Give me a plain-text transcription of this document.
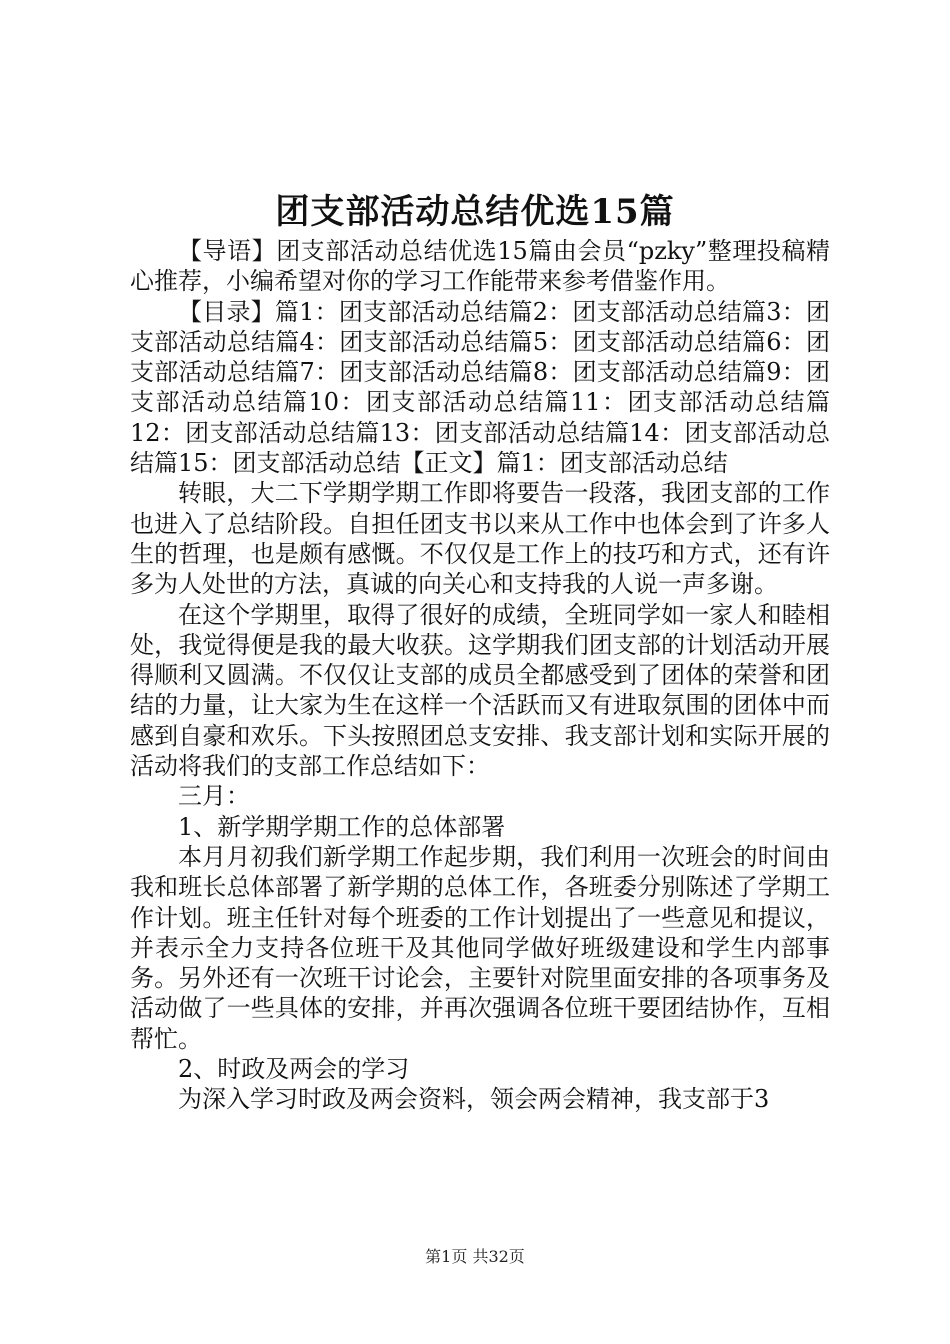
团支部活动总结优选15篇

【导语】团支部活动总结优选15篇由会员“pzky”整理投稿精心推荐，小编希望对你的学习工作能带来参考借鉴作用。

【目录】篇1：团支部活动总结篇2：团支部活动总结篇3：团支部活动总结篇4：团支部活动总结篇5：团支部活动总结篇6：团支部活动总结篇7：团支部活动总结篇8：团支部活动总结篇9：团支部活动总结篇10：团支部活动总结篇11：团支部活动总结篇12：团支部活动总结篇13：团支部活动总结篇14：团支部活动总结篇15：团支部活动总结【正文】篇1：团支部活动总结

转眼，大二下学期学期工作即将要告一段落，我团支部的工作也进入了总结阶段。自担任团支书以来从工作中也体会到了许多人生的哲理，也是颇有感慨。不仅仅是工作上的技巧和方式，还有许多为人处世的方法，真诚的向关心和支持我的人说一声多谢。

在这个学期里，取得了很好的成绩，全班同学如一家人和睦相处，我觉得便是我的最大收获。这学期我们团支部的计划活动开展得顺利又圆满。不仅仅让支部的成员全都感受到了团体的荣誉和团结的力量，让大家为生在这样一个活跃而又有进取氛围的团体中而感到自豪和欢乐。下头按照团总支安排、我支部计划和实际开展的活动将我们的支部工作总结如下：

三月：

1、新学期学期工作的总体部署

本月月初我们新学期工作起步期，我们利用一次班会的时间由我和班长总体部署了新学期的总体工作，各班委分别陈述了学期工作计划。班主任针对每个班委的工作计划提出了一些意见和提议，并表示全力支持各位班干及其他同学做好班级建设和学生内部事务。另外还有一次班干讨论会，主要针对院里面安排的各项事务及活动做了一些具体的安排，并再次强调各位班干要团结协作，互相帮忙。

2、时政及两会的学习

为深入学习时政及两会资料，领会两会精神，我支部于3

第1页 共32页
